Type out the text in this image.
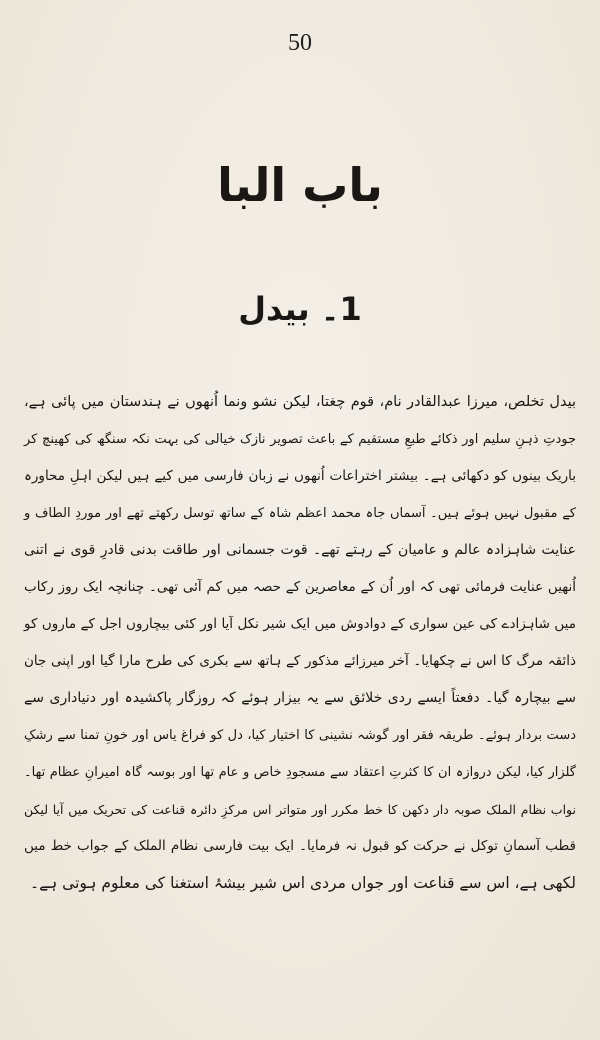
50
باب البا
1۔ بیدل
بیدل تخلص، میرزا عبدالقادر نام، قوم چغتا، لیکن نشو ونما اُنھوں نے ہندستان میں پائی ہے،
جودتِ ذہنِ سلیم اور ذکائے طبعِ مستقیم کے باعث تصویر نازک خیالی کی بہت نکہ سنگھ کی کھینچ کر
باریک بینوں کو دکھائی ہے۔ بیشتر اختراعات اُنھوں نے زبان فارسی میں کیے ہیں لیکن اہلِ محاورہ
کے مقبول نہیں ہوئے ہیں۔ آسماں جاہ محمد اعظم شاہ کے ساتھ توسل رکھتے تھے اور موردِ الطاف و
عنایت شاہزادہ عالم و عامیان کے رہتے تھے۔ قوت جسمانی اور طاقت بدنی قادرِ قوی نے اتنی
اُنھیں عنایت فرمائی تھی کہ اور اُن کے معاصرین کے حصہ میں کم آئی تھی۔ چنانچہ ایک روز رکاب
میں شاہزادے کی عین سواری کے دوادوش میں ایک شیر نکل آیا اور کئی بیچاروں اجل کے ماروں کو
ذائقہ مرگ کا اس نے چکھایا۔ آخر میرزائے مذکور کے ہاتھ سے بکری کی طرح مارا گیا اور اپنی جان
سے بیچارہ گیا۔ دفعتاً ایسے ردی خلائق سے یہ بیزار ہوئے کہ روزگار پاکشیدہ اور دنیاداری سے
دست بردار ہوئے۔ طریقہ فقر اور گوشہ نشینی کا اختیار کیا، دل کو فراغ یاس اور خونِ تمنا سے رشکِ
گلزار کیا، لیکن دروازہ ان کا کثرتِ اعتقاد سے مسجودِ خاص و عام تھا اور بوسہ گاہ امیرانِ عظام تھا۔
نواب نظام الملک صوبہ دار دکھن کا خط مکرر اور متواتر اس مرکزِ دائرہ قناعت کی تحریک میں آیا لیکن
قطب آسمانِ توکل نے حرکت کو قبول نہ فرمایا۔ ایک بیت فارسی نظام الملک کے جواب خط میں
لکھی ہے، اس سے قناعت اور جواں مردی اس شیر بیشۂ استغنا کی معلوم ہوتی ہے۔
